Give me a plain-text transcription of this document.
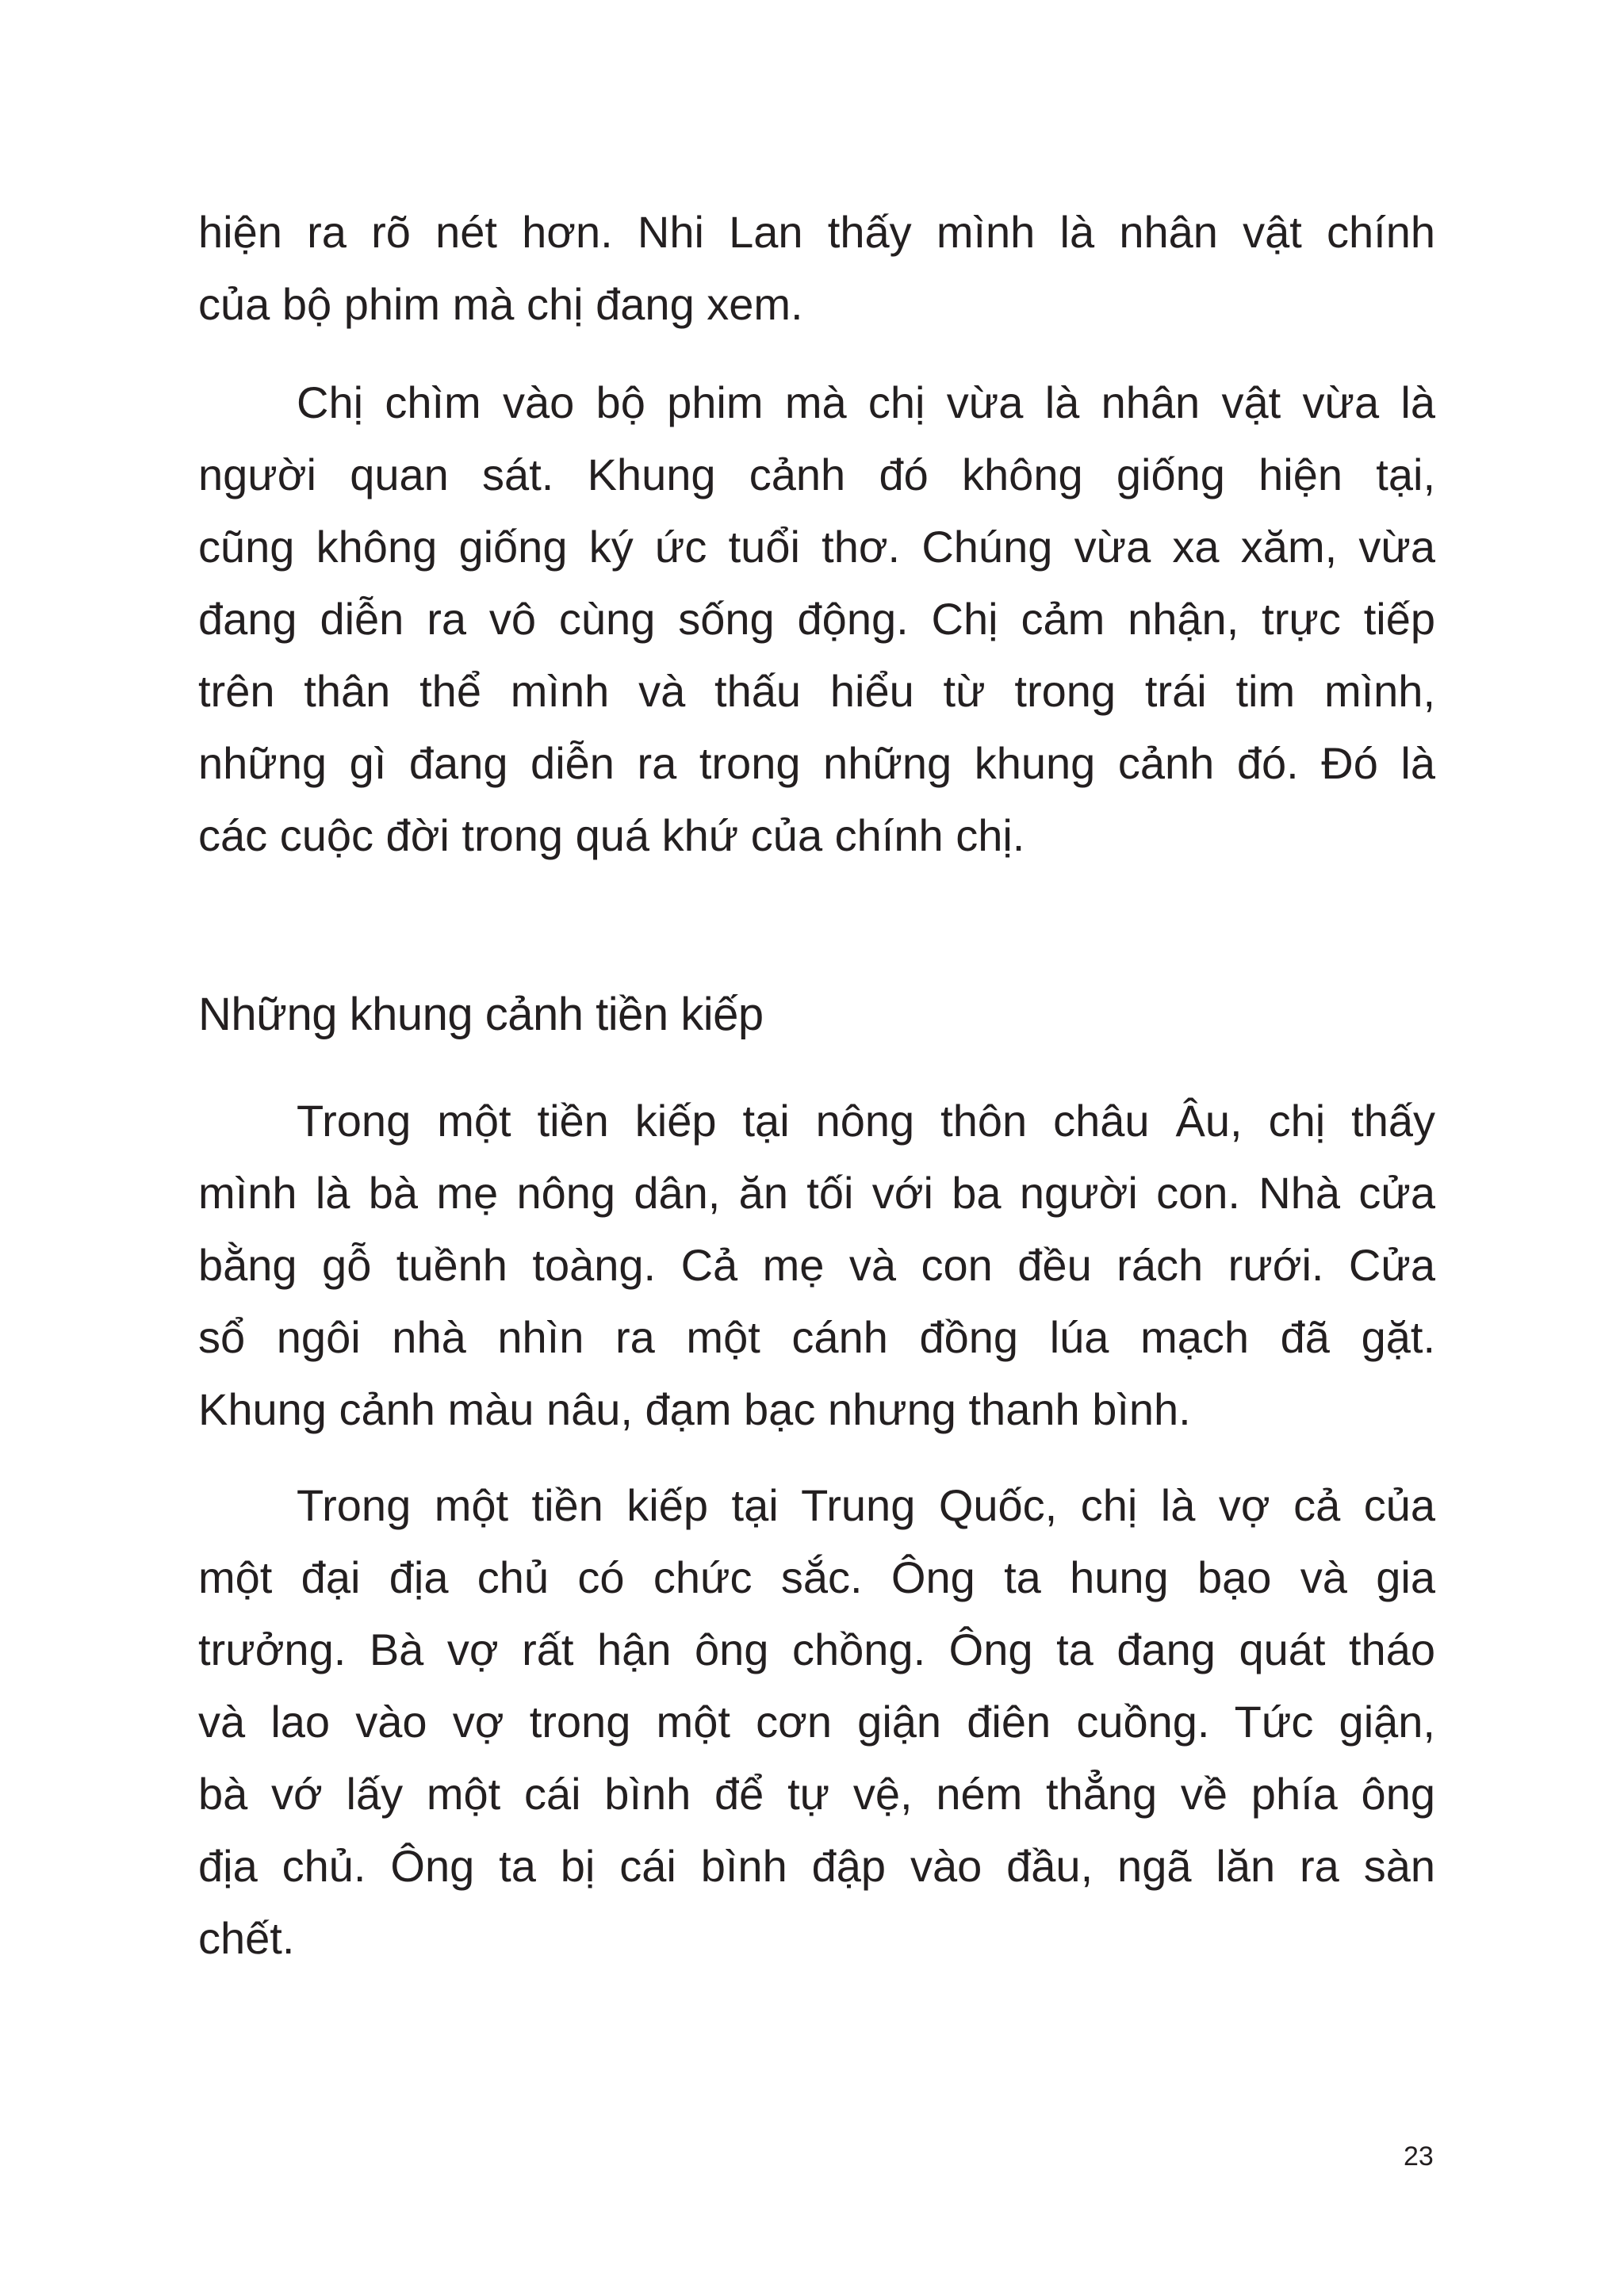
hiện ra rõ nét hơn. Nhi Lan thấy mình là nhân vật chính
của bộ phim mà chị đang xem.
Chị chìm vào bộ phim mà chị vừa là nhân vật vừa là
người quan sát. Khung cảnh đó không giống hiện tại,
cũng không giống ký ức tuổi thơ. Chúng vừa xa xăm, vừa
đang diễn ra vô cùng sống động. Chị cảm nhận, trực tiếp
trên thân thể mình và thấu hiểu từ trong trái tim mình,
những gì đang diễn ra trong những khung cảnh đó. Đó là
các cuộc đời trong quá khứ của chính chị.
Những khung cảnh tiền kiếp
Trong một tiền kiếp tại nông thôn châu Âu, chị thấy
mình là bà mẹ nông dân, ăn tối với ba người con. Nhà cửa
bằng gỗ tuềnh toàng. Cả mẹ và con đều rách rưới. Cửa
sổ ngôi nhà nhìn ra một cánh đồng lúa mạch đã gặt.
Khung cảnh màu nâu, đạm bạc nhưng thanh bình.
Trong một tiền kiếp tại Trung Quốc, chị là vợ cả của
một đại địa chủ có chức sắc. Ông ta hung bạo và gia
trưởng. Bà vợ rất hận ông chồng. Ông ta đang quát tháo
và lao vào vợ trong một cơn giận điên cuồng. Tức giận,
bà vớ lấy một cái bình để tự vệ, ném thẳng về phía ông
địa chủ. Ông ta bị cái bình đập vào đầu, ngã lăn ra sàn
chết.
23
